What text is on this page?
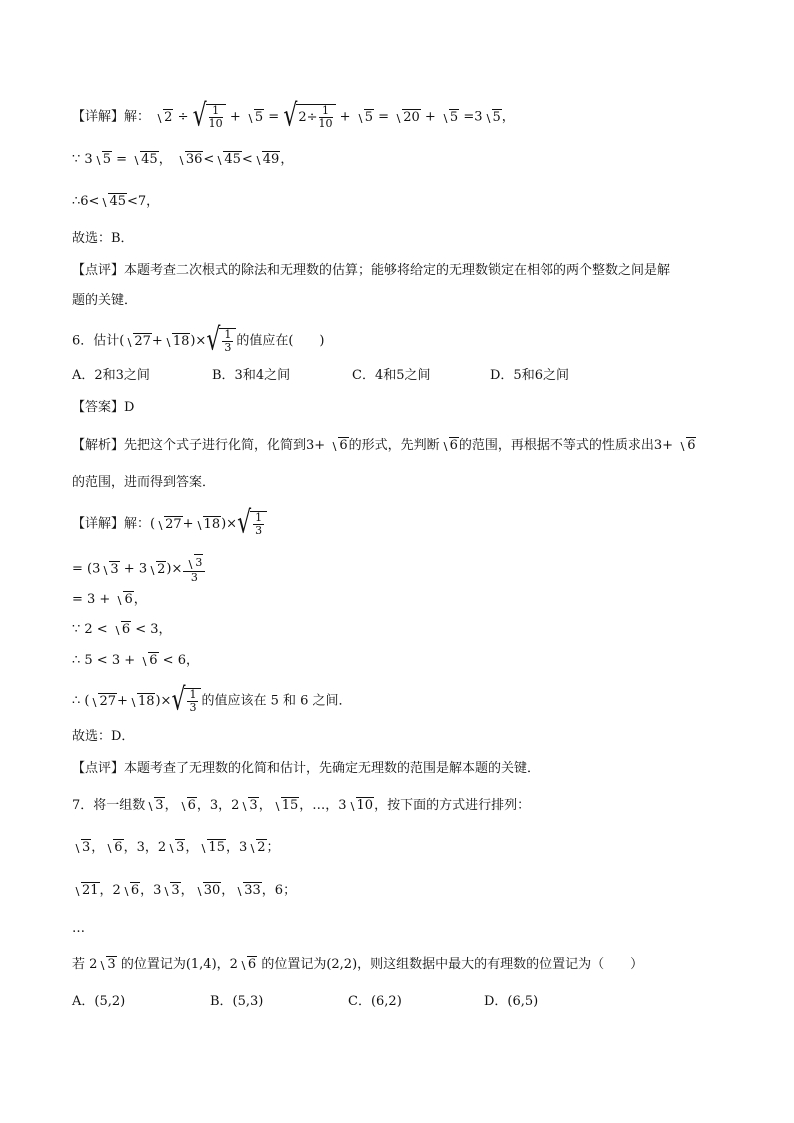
【详解】解： 2 ÷ √ $\frac{1}{10} + 5$ = √ $2\div \frac{1}{10} + 5 = 20 + 5 =3$ 5，
∵ 3 5 = 45， 36< 45< 49，
∴6< 45<7，
故选：B．
【点评】本题考查二次根式的除法和无理数的估算；能够将给定的无理数锁定在相邻的两个整数之间是解
题的关键．
6．估计( 27+ 18)× √ $\frac{1}{3}$ 的值应在(　　)
A．2和3之间	B．3和4之间	C．4和5之间	D．5和6之间
【答案】D
【解析】先把这个式子进行化简，化简到3+ 6的形式，先判断 6的范围，再根据不等式的性质求出3+ 6
的范围，进而得到答案．
【详解】解：( 27+ 18)× √ $\frac{1}{3}$
= (3 3 + 3 $2)\times \frac{3}{3}$
= 3 + 6，
∵ 2 < 6 < 3，
∴ 5 < 3 + 6 < 6，
∴ ( 27+ 18)× √ $\frac{1}{3}$ 的值应该在 5 和 6 之间．
故选：D．
【点评】本题考查了无理数的化简和估计，先确定无理数的范围是解本题的关键．
7．将一组数 3， 6，3，2 3， 15，…，3 10，按下面的方式进行排列：
3， 6，3，2 3， 15，3 2；
21，2 6，3 3， 30， 33，6；
…
若 2 3 的位置记为(1,4)，2 6 的位置记为(2,2)，则这组数据中最大的有理数的位置记为（　　）
A．(5,2)	B．(5,3)	C．(6,2)	D．(6,5)
